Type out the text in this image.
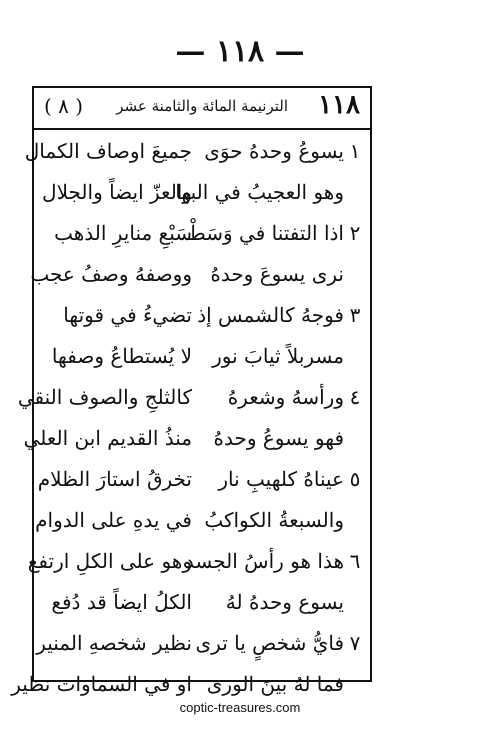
— ١١٨ —
١١٨
الترنيمة المائة والثامنة عشر
( ٨ )
١
يسوعُ وحدهُ حوَى
جميعَ اوصاف الكمال
وهو العجيبُ في البها
والعزّ ايضاً والجلال
٢
اذا التفتنا في وَسَطْ
سَبْعِ منايرِ الذهب
نرى يسوعَ وحدهُ
ووصفهُ وصفُ عجب
٣
فوجهُ كالشمس إذ
تضيءُ في قوتها
مسربلاً ثيابَ نور
لا يُستطاعُ وصفها
٤
ورأسهُ وشعرهُ
كالثلجِ والصوف النقي
فهو يسوعُ وحدهُ
منذُ القديم ابن العلي
٥
عيناهُ كلهيبِ نار
تخرقُ استارَ الظلام
والسبعةُ الكواكبُ
في يدهِ على الدوام
٦
هذا هو رأسُ الجسد
وهو على الكلِ ارتفع
يسوع وحدهُ لهُ
الكلُ ايضاً قد دُفع
٧
فايُّ شخصٍ يا ترى
نظير شخصهِ المنير
فما لهُ بينَ الورى
او في السماوات نظير
coptic-treasures.com
